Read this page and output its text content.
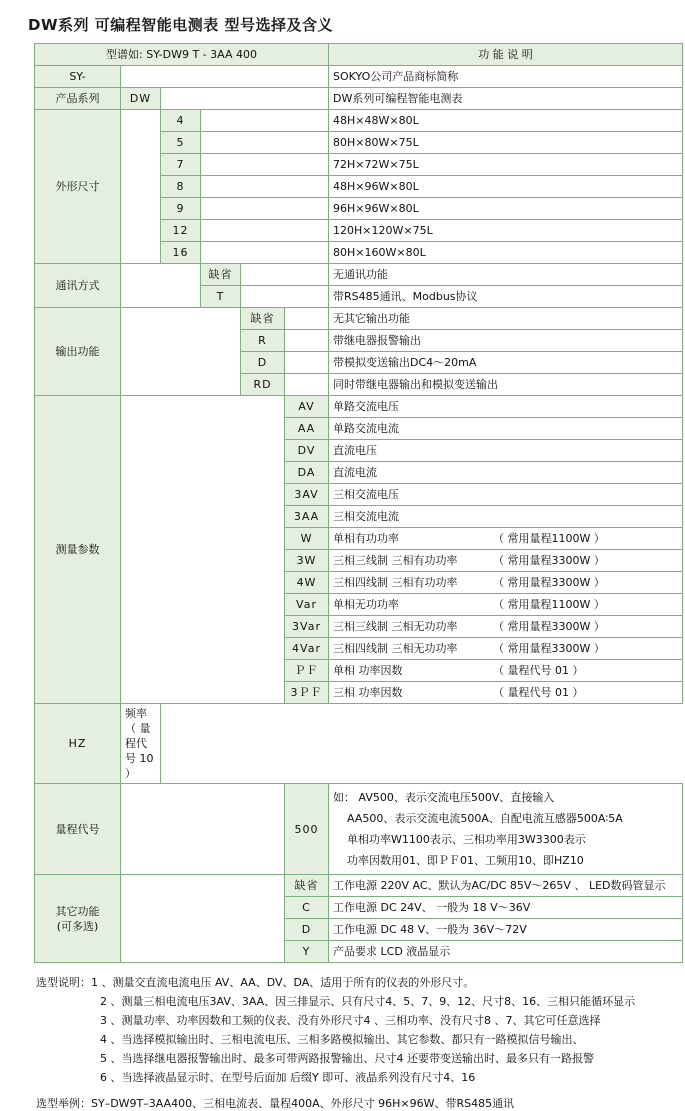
DW系列 可编程智能电测表 型号选择及含义
型谱如: SY-DW9 T - 3AA 400						功 能 说 明
SY-						SOKYO公司产品商标简称
产品系列	DW					DW系列可编程智能电测表
外形尺寸		4				48H×48W×80L
		5				80H×80W×75L
		7				72H×72W×75L
		8				48H×96W×80L
		9				96H×96W×80L
		12				120H×120W×75L
		16				80H×160W×80L
通讯方式			缺省			无通讯功能
			T			带RS485通讯、Modbus协议
输出功能				缺省		无其它输出功能
				R		带继电器报警输出
				D		带模拟变送输出DC4～20mA
				RD		同时带继电器输出和模拟变送输出
测量参数					AV	单路交流电压
					AA	单路交流电流
					DV	直流电压
					DA	直流电流
					3AV	三相交流电压
					3AA	三相交流电流
					W	单相有功功率 （ 常用量程1100W ）
					3W	三相三线制 三相有功功率 （ 常用量程3300W ）
					4W	三相四线制 三相有功功率 （ 常用量程3300W ）
					Var	单相无功功率 （ 常用量程1100W ）
					3Var	三相三线制 三相无功功率 （ 常用量程3300W ）
					4Var	三相四线制 三相无功功率 （ 常用量程3300W ）
					ＰＦ	单相 功率因数 （ 量程代号 01 ）
					3ＰＦ	三相 功率因数 （ 量程代号 01 ）
HZ	频率（ 量程代号 10 ）					
量程代号					500	如： AV500、表示交流电压500V、直接输入
AA500、表示交流电流500A、自配电流互感器500A∶5A
单相功率W1100表示、三相功率用3W3300表示
功率因数用01、即ＰＦ01、工频用10、即HZ10

其它功能
(可多选)					缺省	工作电源 220V AC、默认为AC/DC 85V～265V 、 LED数码管显示
					C	工作电源 DC 24V、 一般为 18 V～36V
					D	工作电源 DC 48 V、一般为 36V～72V
					Y	产品要求 LCD 液晶显示
选型说明：1 、测量交直流电流电压 AV、AA、DV、DA、适用于所有的仪表的外形尺寸。
2 、测量三相电流电压3AV、3AA、因三排显示、只有尺寸4、5、7、9、12、尺寸8、16、三相只能循环显示
3 、测量功率、功率因数和工频的仪表、没有外形尺寸4 、三相功率、没有尺寸8 、7、其它可任意选择
4 、当选择模拟输出时、三相电流电压、三相多路模拟输出、其它参数、都只有一路模拟信号输出、
5 、当选择继电器报警输出时、最多可带两路报警输出、尺寸4 还要带变送输出时、最多只有一路报警
6 、当选择液晶显示时、在型号后面加 后缀Y 即可、液晶系列没有尺寸4、16
选型举例：SY–DW9T–3AA400、三相电流表、量程400A、外形尺寸 96H×96W、带RS485通讯
